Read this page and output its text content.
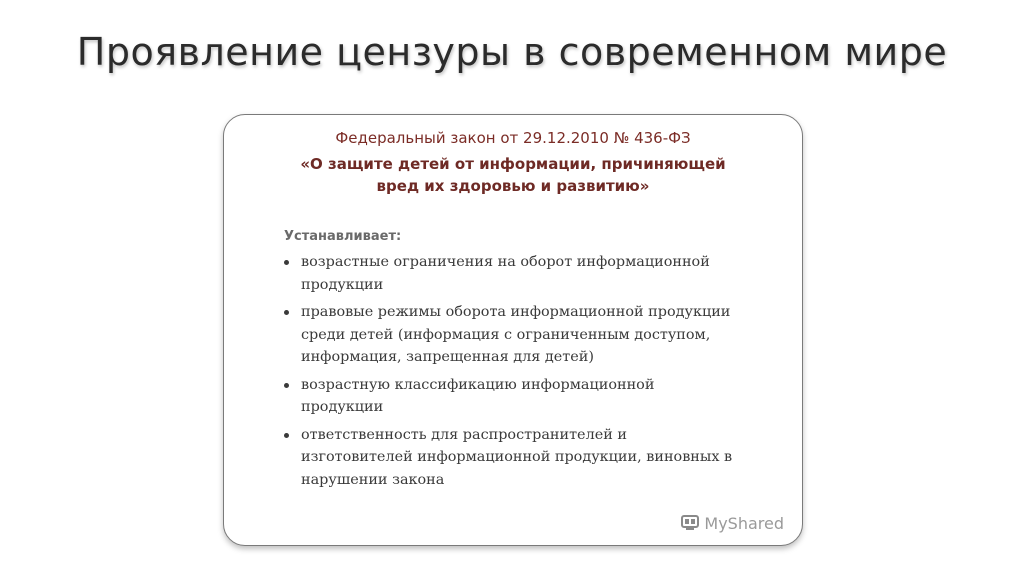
Проявление цензуры в современном мире
Федеральный закон от 29.12.2010 № 436-ФЗ
«О защите детей от информации, причиняющей
вред их здоровью и развитию»
Устанавливает:
возрастные ограничения на оборот информационной
продукции
правовые режимы оборота информационной продукции
среди детей (информация с ограниченным доступом,
информация, запрещенная для детей)
возрастную классификацию информационной
продукции
ответственность для распространителей и
изготовителей информационной продукции, виновных в
нарушении закона
MyShared
